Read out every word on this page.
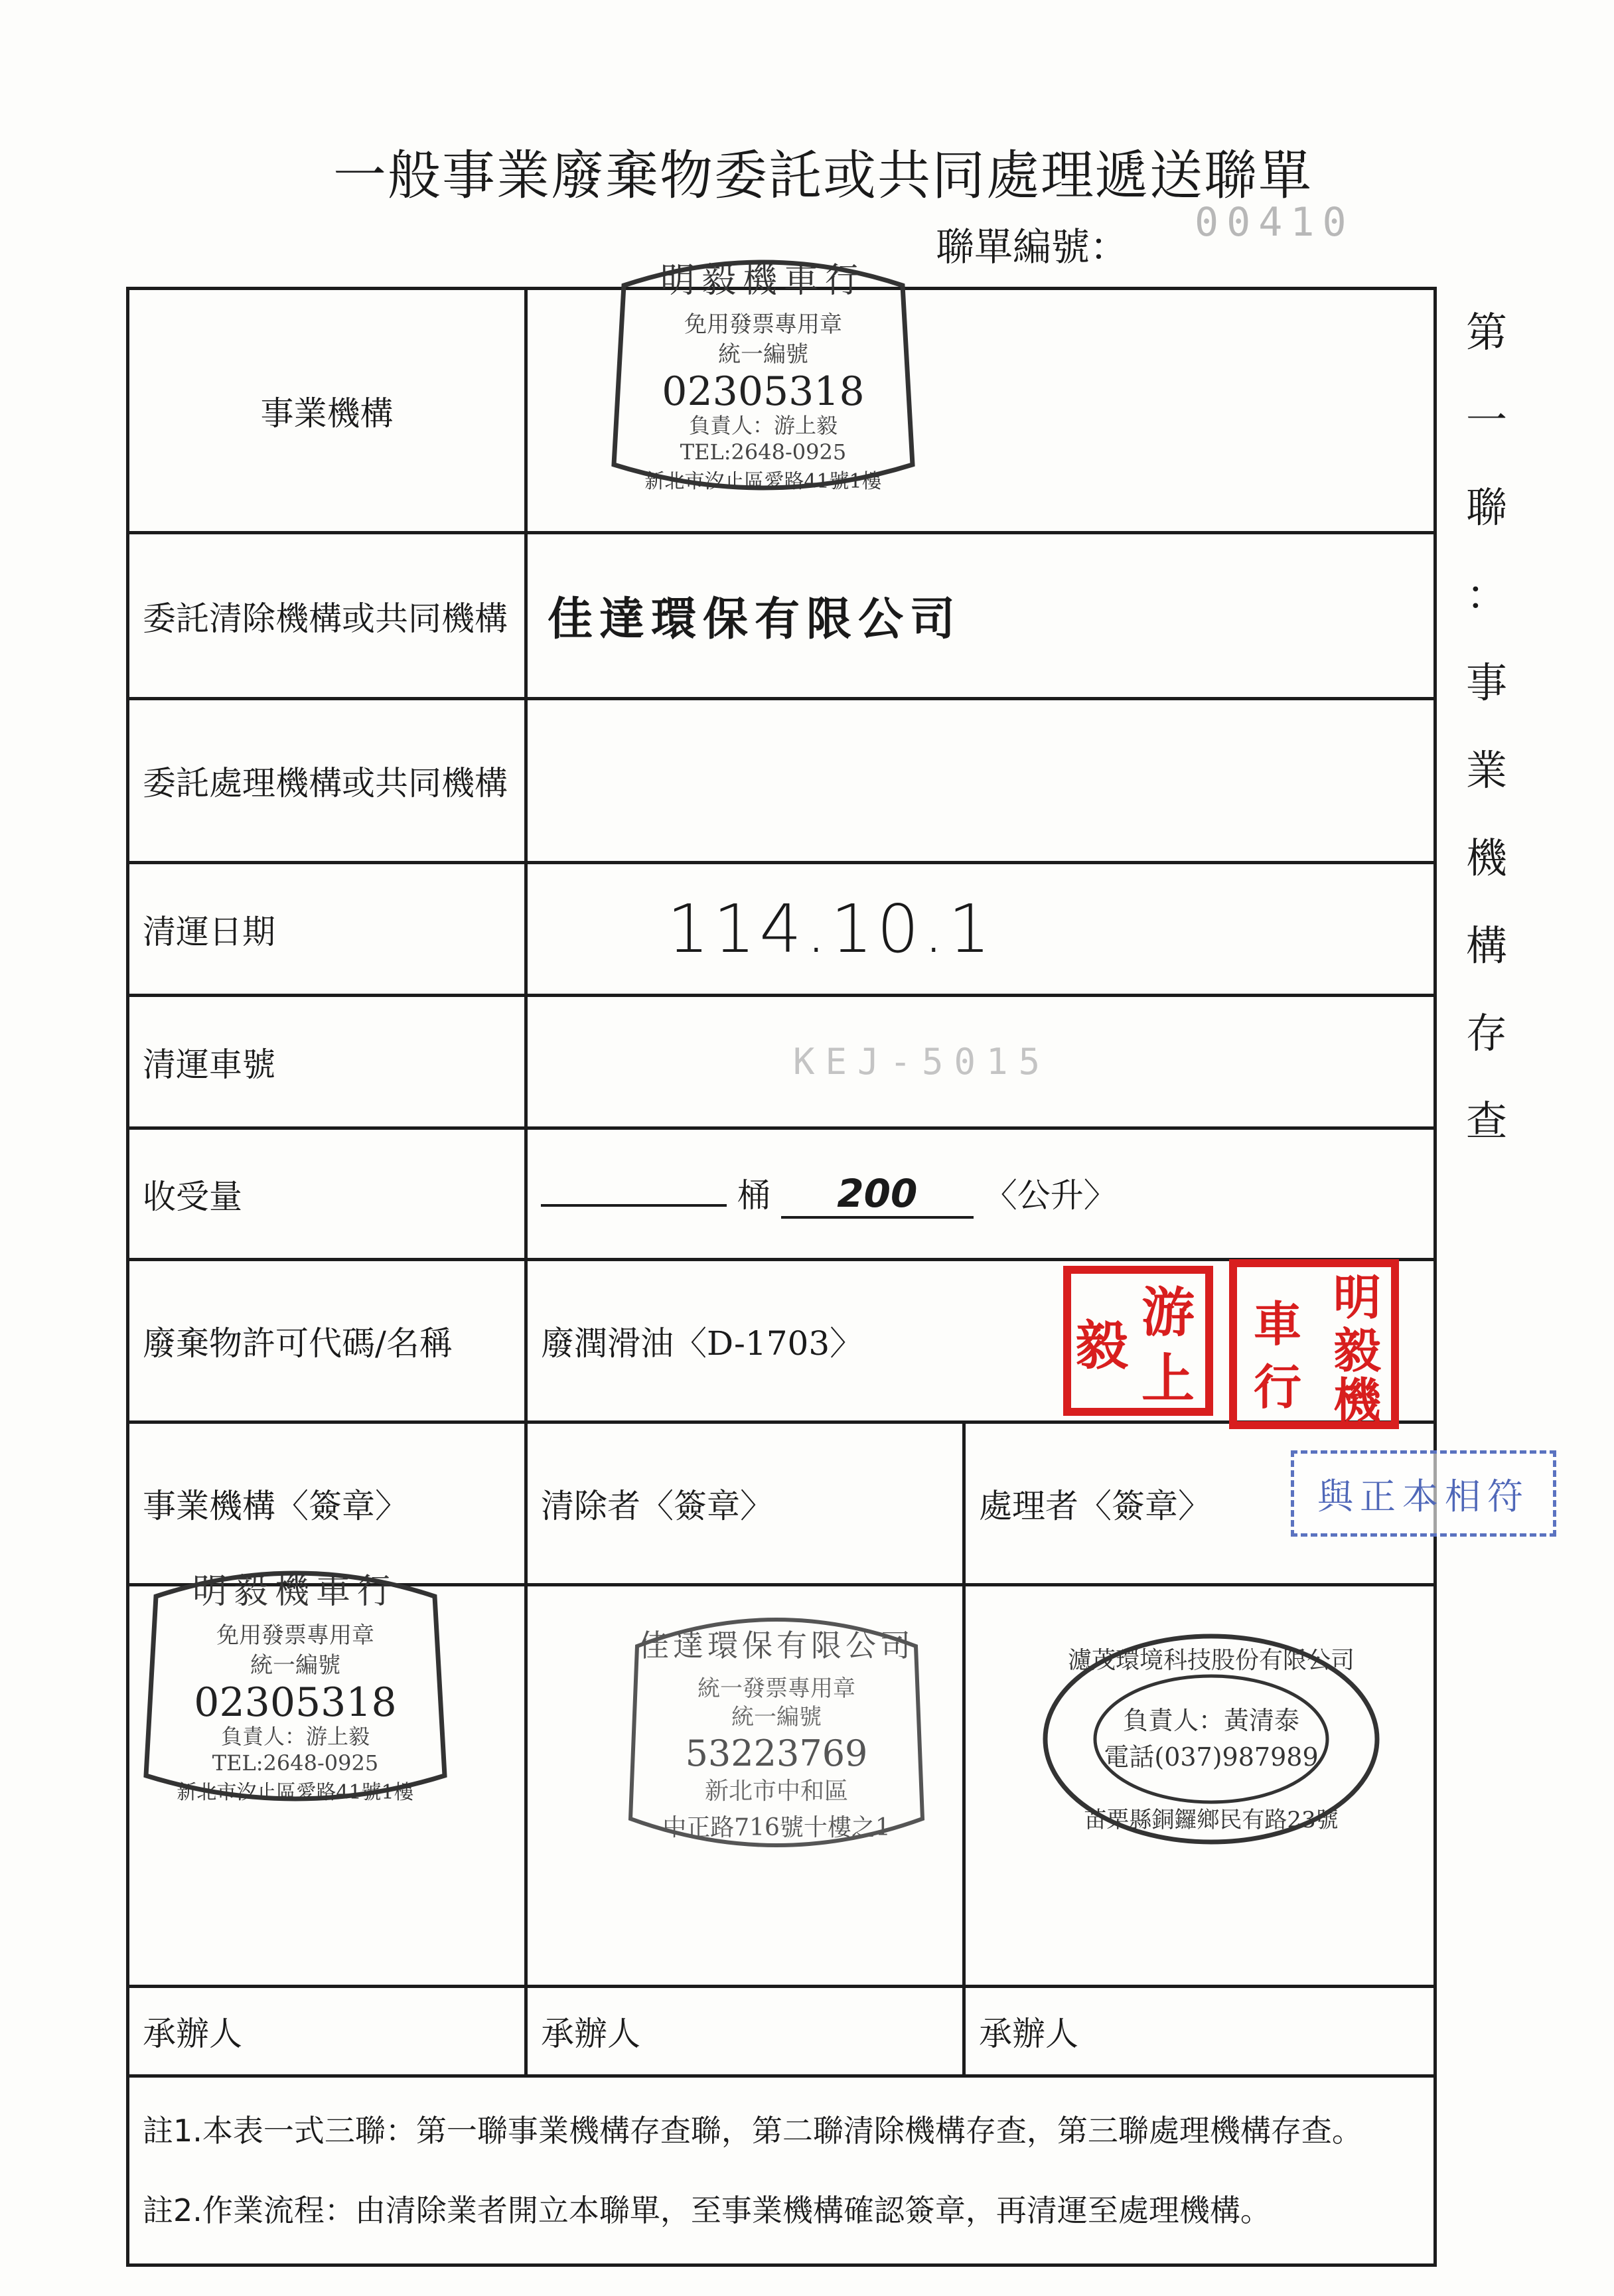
一般事業廢棄物委託或共同處理遞送聯單
聯單編號：
00410
第
一
聯
：
事
業
機
構
存
查
事業機構		
委託清除機構或共同機構	佳達環保有限公司	
委託處理機構或共同機構		
清運日期	114.10.1	
清運車號	KEJ-5015	
收受量	桶 200 〈公升〉	
廢棄物許可代碼/名稱	廢潤滑油〈D-1703〉	
事業機構〈簽章〉	清除者〈簽章〉	處理者〈簽章〉

承辦人	承辦人	承辦人

註1.本表一式三聯：第一聯事業機構存查聯，第二聯清除機構存查，第三聯處理機構存查。
註2.作業流程：由清除業者開立本聯單，至事業機構確認簽章，再清運至處理機構。		
明毅機車行
免用發票專用章
統一編號
02305318
負責人：游上毅
TEL:2648-0925
新北市汐止區愛路41號1樓
明毅機車行
免用發票專用章
統一編號
02305318
負責人：游上毅
TEL:2648-0925
新北市汐止區愛路41號1樓
佳達環保有限公司
統一發票專用章
統一編號
53223769
新北市中和區
中正路716號十樓之1
濾茂環境科技股份有限公司
負責人：黃清泰
電話(037)987989
苗栗縣銅鑼鄉民有路23號
游上毅
明毅機車行
與正本相符
